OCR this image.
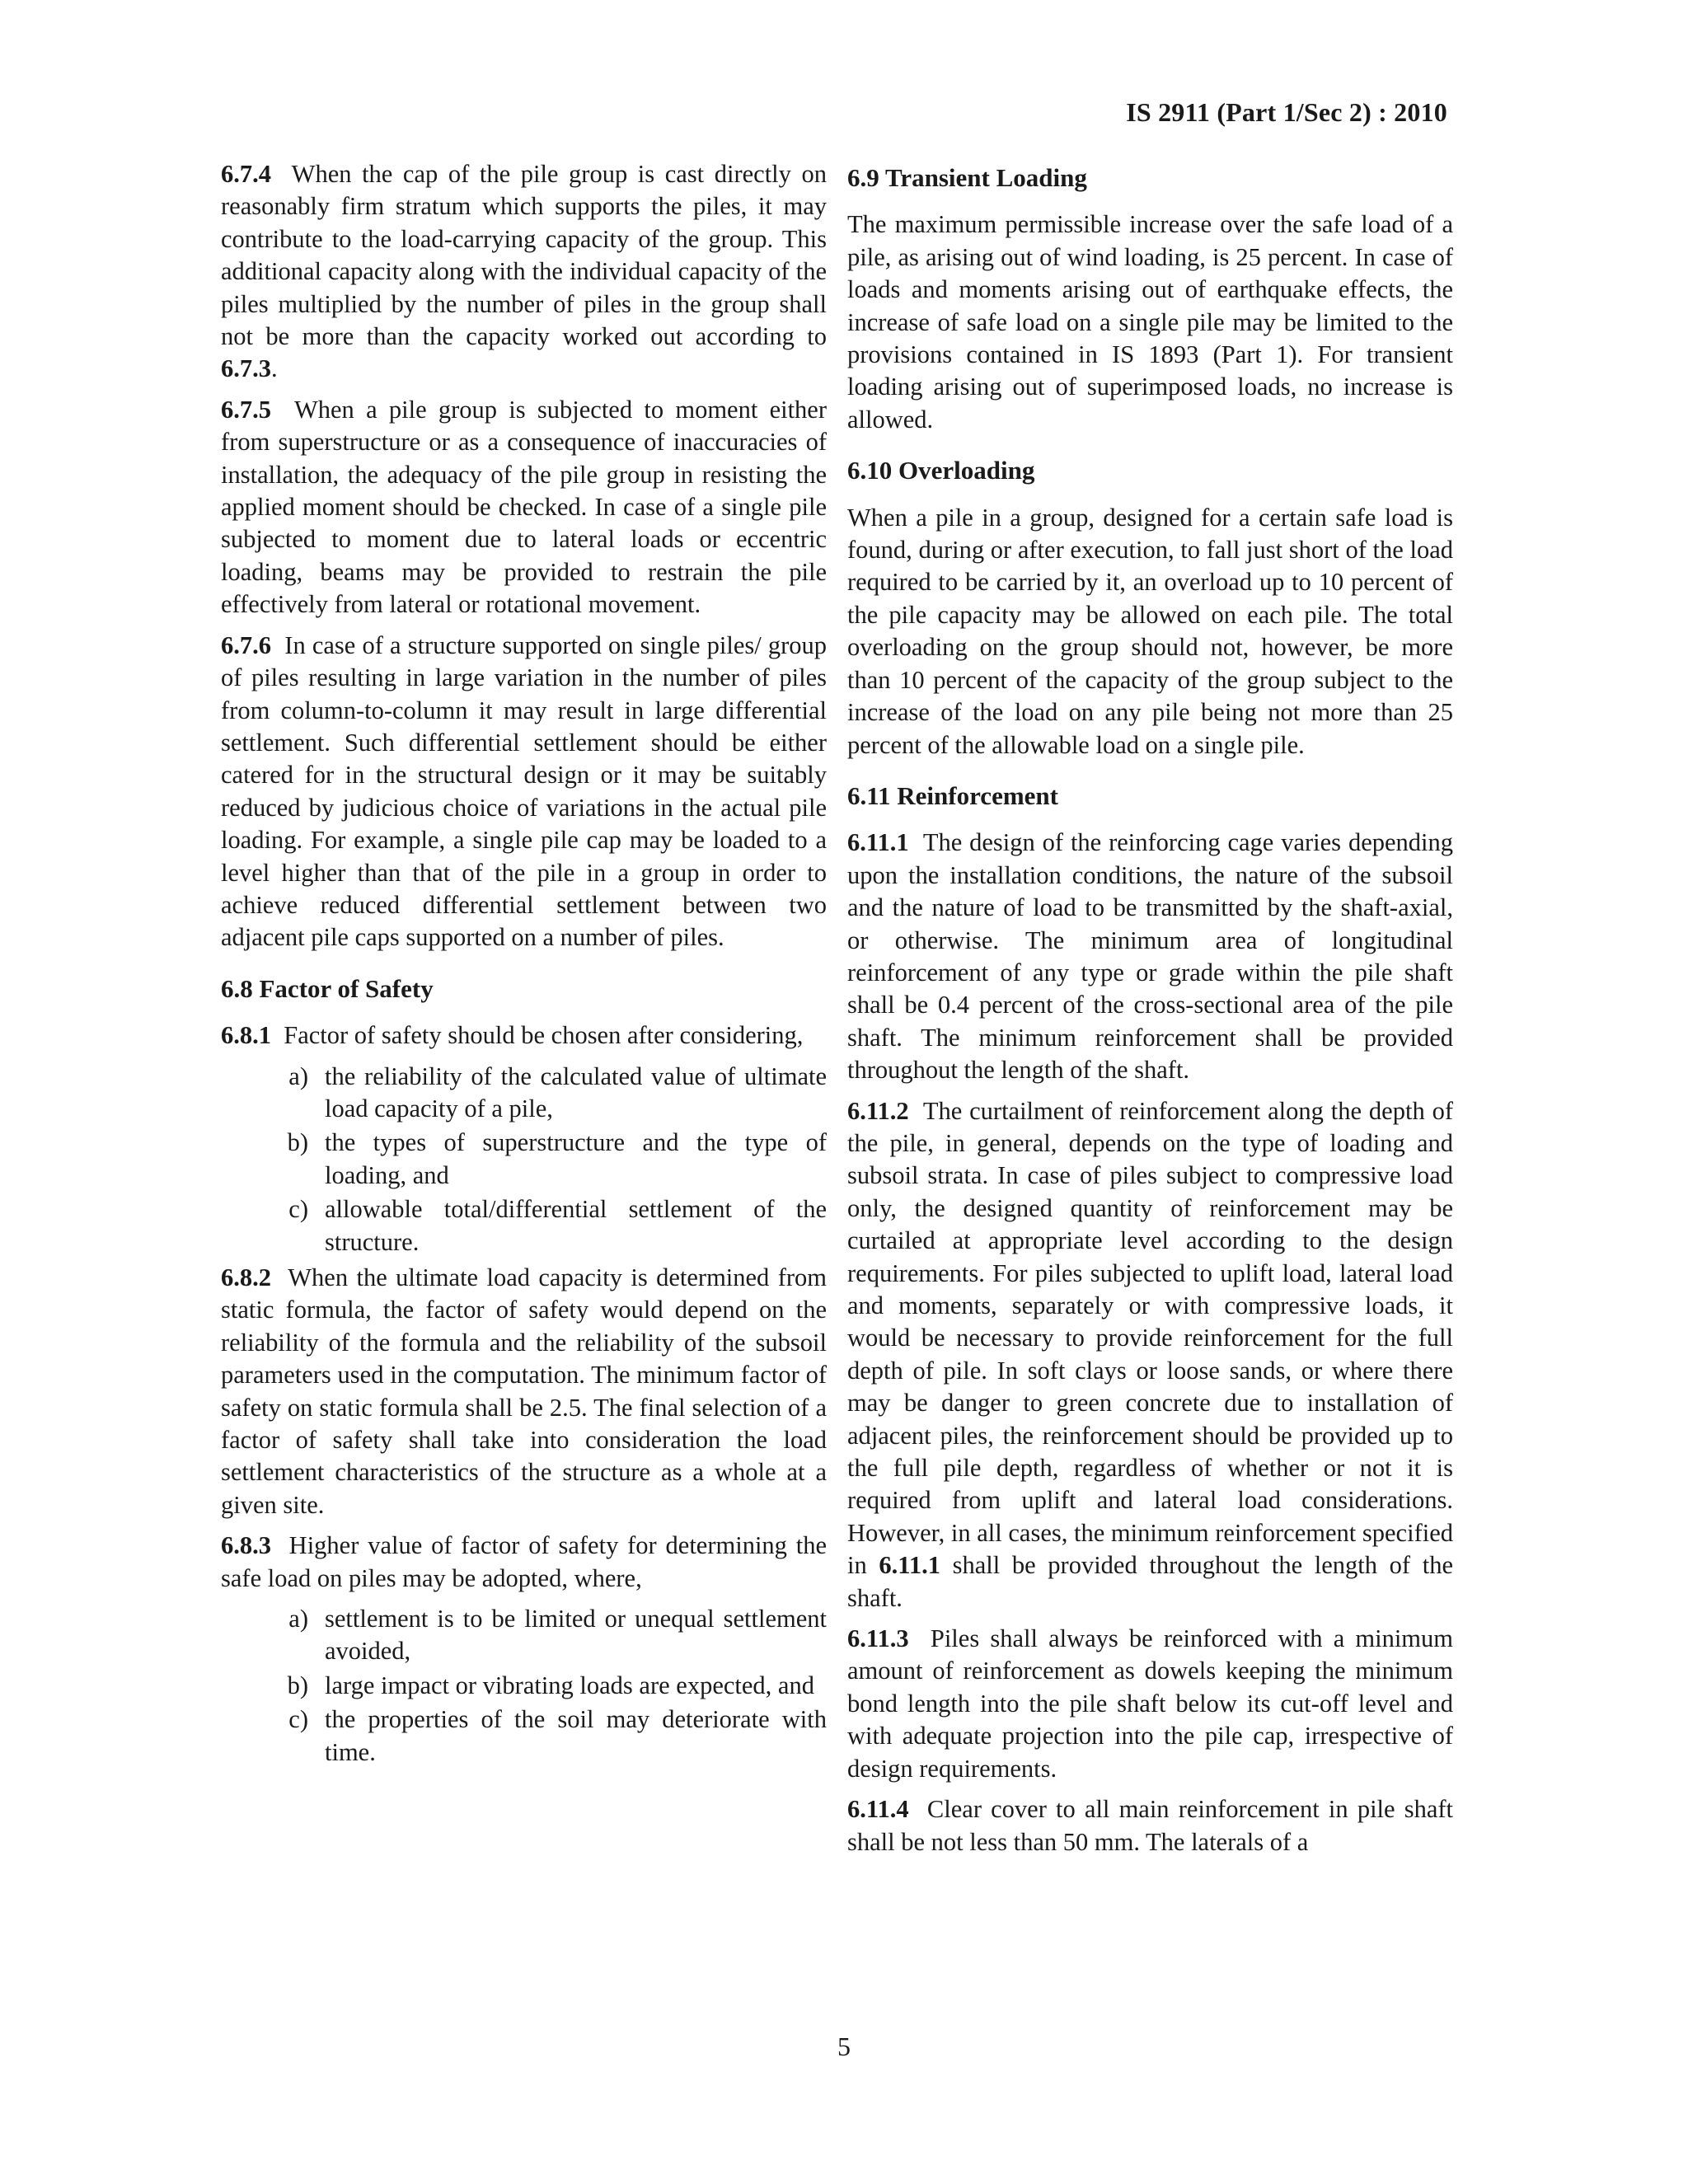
IS 2911 (Part 1/Sec 2) : 2010

6.7.4 When the cap of the pile group is cast directly on reasonably firm stratum which supports the piles, it may contribute to the load-carrying capacity of the group. This additional capacity along with the individual capacity of the piles multiplied by the number of piles in the group shall not be more than the capacity worked out according to 6.7.3.

6.7.5 When a pile group is subjected to moment either from superstructure or as a consequence of inaccuracies of installation, the adequacy of the pile group in resisting the applied moment should be checked. In case of a single pile subjected to moment due to lateral loads or eccentric loading, beams may be provided to restrain the pile effectively from lateral or rotational movement.

6.7.6 In case of a structure supported on single piles/ group of piles resulting in large variation in the number of piles from column-to-column it may result in large differential settlement. Such differential settlement should be either catered for in the structural design or it may be suitably reduced by judicious choice of variations in the actual pile loading. For example, a single pile cap may be loaded to a level higher than that of the pile in a group in order to achieve reduced differential settlement between two adjacent pile caps supported on a number of piles.

6.8 Factor of Safety

6.8.1 Factor of safety should be chosen after considering,

a) the reliability of the calculated value of ultimate load capacity of a pile,
b) the types of superstructure and the type of loading, and
c) allowable total/differential settlement of the structure.

6.8.2 When the ultimate load capacity is determined from static formula, the factor of safety would depend on the reliability of the formula and the reliability of the subsoil parameters used in the computation. The minimum factor of safety on static formula shall be 2.5. The final selection of a factor of safety shall take into consideration the load settlement characteristics of the structure as a whole at a given site.

6.8.3 Higher value of factor of safety for determining the safe load on piles may be adopted, where,

a) settlement is to be limited or unequal settlement avoided,
b) large impact or vibrating loads are expected, and
c) the properties of the soil may deteriorate with time.
6.9 Transient Loading

The maximum permissible increase over the safe load of a pile, as arising out of wind loading, is 25 percent. In case of loads and moments arising out of earthquake effects, the increase of safe load on a single pile may be limited to the provisions contained in IS 1893 (Part 1). For transient loading arising out of superimposed loads, no increase is allowed.

6.10 Overloading

When a pile in a group, designed for a certain safe load is found, during or after execution, to fall just short of the load required to be carried by it, an overload up to 10 percent of the pile capacity may be allowed on each pile. The total overloading on the group should not, however, be more than 10 percent of the capacity of the group subject to the increase of the load on any pile being not more than 25 percent of the allowable load on a single pile.

6.11 Reinforcement

6.11.1 The design of the reinforcing cage varies depending upon the installation conditions, the nature of the subsoil and the nature of load to be transmitted by the shaft-axial, or otherwise. The minimum area of longitudinal reinforcement of any type or grade within the pile shaft shall be 0.4 percent of the cross-sectional area of the pile shaft. The minimum reinforcement shall be provided throughout the length of the shaft.

6.11.2 The curtailment of reinforcement along the depth of the pile, in general, depends on the type of loading and subsoil strata. In case of piles subject to compressive load only, the designed quantity of reinforcement may be curtailed at appropriate level according to the design requirements. For piles subjected to uplift load, lateral load and moments, separately or with compressive loads, it would be necessary to provide reinforcement for the full depth of pile. In soft clays or loose sands, or where there may be danger to green concrete due to installation of adjacent piles, the reinforcement should be provided up to the full pile depth, regardless of whether or not it is required from uplift and lateral load considerations. However, in all cases, the minimum reinforcement specified in 6.11.1 shall be provided throughout the length of the shaft.

6.11.3 Piles shall always be reinforced with a minimum amount of reinforcement as dowels keeping the minimum bond length into the pile shaft below its cut-off level and with adequate projection into the pile cap, irrespective of design requirements.

6.11.4 Clear cover to all main reinforcement in pile shaft shall be not less than 50 mm. The laterals of a

5
